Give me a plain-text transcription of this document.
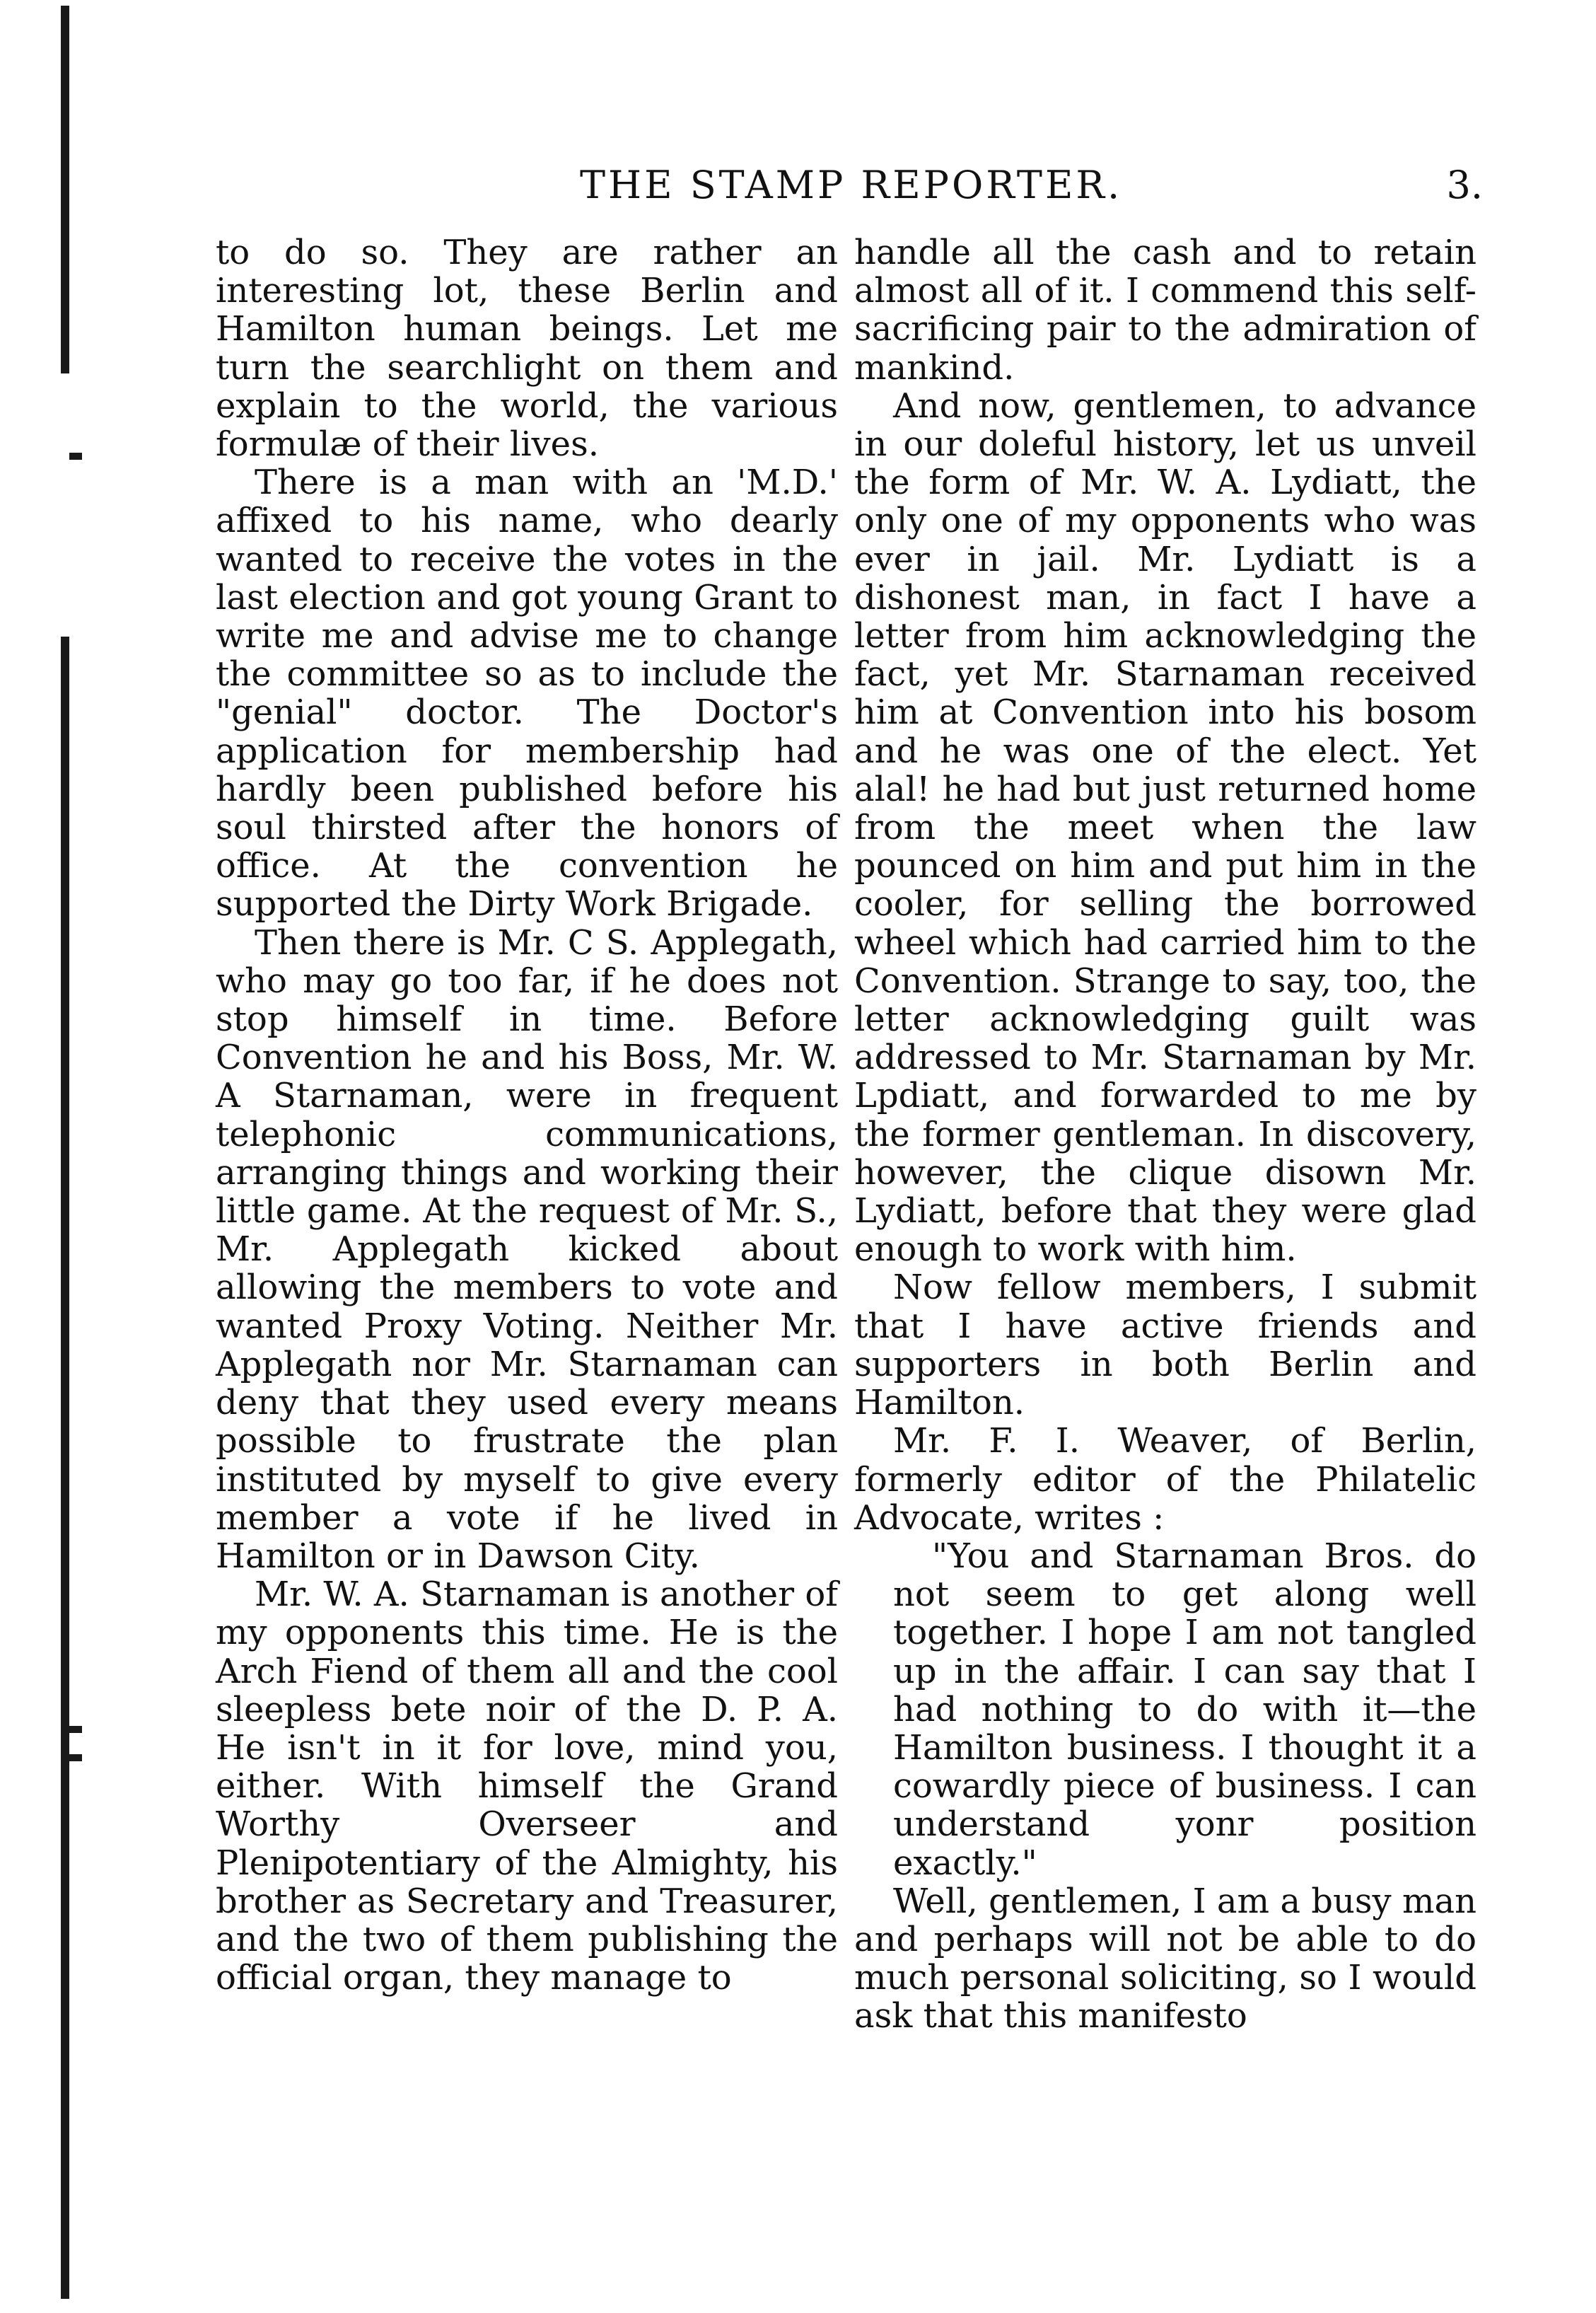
THE STAMP REPORTER.	3.

to do so. They are rather an interesting lot, these Berlin and Hamilton human beings. Let me turn the searchlight on them and explain to the world, the various formulæ of their lives.

There is a man with an 'M.D.' affixed to his name, who dearly wanted to receive the votes in the last election and got young Grant to write me and advise me to change the committee so as to include the "genial" doctor. The Doctor's application for membership had hardly been published before his soul thirsted after the honors of office. At the convention he supported the Dirty Work Brigade.

Then there is Mr. C S. Applegath, who may go too far, if he does not stop himself in time. Before Convention he and his Boss, Mr. W. A Starnaman, were in frequent telephonic communications, arranging things and working their little game. At the request of Mr. S., Mr. Applegath kicked about allowing the members to vote and wanted Proxy Voting. Neither Mr. Applegath nor Mr. Starnaman can deny that they used every means possible to frustrate the plan instituted by myself to give every member a vote if he lived in Hamilton or in Dawson City.

Mr. W. A. Starnaman is another of my opponents this time. He is the Arch Fiend of them all and the cool sleepless bete noir of the D. P. A. He isn't in it for love, mind you, either. With himself the Grand Worthy Overseer and Plenipotentiary of the Almighty, his brother as Secretary and Treasurer, and the two of them publishing the official organ, they manage to

handle all the cash and to retain almost all of it. I commend this self-sacrificing pair to the admiration of mankind.

And now, gentlemen, to advance in our doleful history, let us unveil the form of Mr. W. A. Lydiatt, the only one of my opponents who was ever in jail. Mr. Lydiatt is a dishonest man, in fact I have a letter from him acknowledging the fact, yet Mr. Starnaman received him at Convention into his bosom and he was one of the elect. Yet alal! he had but just returned home from the meet when the law pounced on him and put him in the cooler, for selling the borrowed wheel which had carried him to the Convention. Strange to say, too, the letter acknowledging guilt was addressed to Mr. Starnaman by Mr. Lpdiatt, and forwarded to me by the former gentleman. In discovery, however, the clique disown Mr. Lydiatt, before that they were glad enough to work with him.

Now fellow members, I submit that I have active friends and supporters in both Berlin and Hamilton.

Mr. F. I. Weaver, of Berlin, formerly editor of the Philatelic Advocate, writes :

"You and Starnaman Bros. do not seem to get along well together. I hope I am not tangled up in the affair. I can say that I had nothing to do with it—the Hamilton business. I thought it a cowardly piece of business. I can understand yonr position exactly."

Well, gentlemen, I am a busy man and perhaps will not be able to do much personal soliciting, so I would ask that this manifesto
